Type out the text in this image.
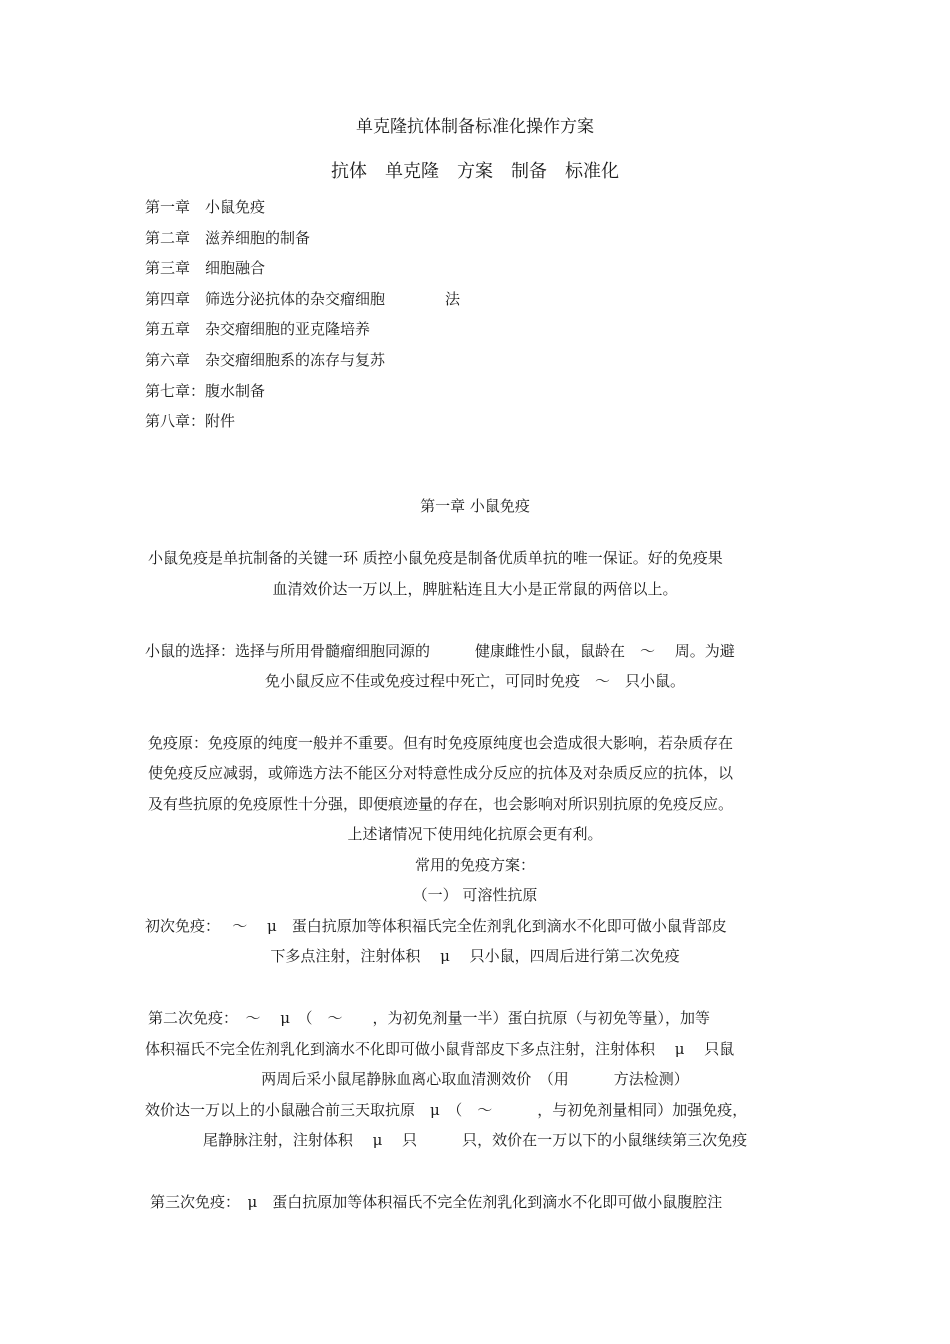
单克隆抗体制备标准化操作方案
抗体　单克隆　方案　制备　标准化
第一章　小鼠免疫
第二章　滋养细胞的制备
第三章　细胞融合
第四章　筛选分泌抗体的杂交瘤细胞　　　　法
第五章　杂交瘤细胞的亚克隆培养
第六章　杂交瘤细胞系的冻存与复苏
第七章：腹水制备
第八章：附件
第一章 小鼠免疫
小鼠免疫是单抗制备的关键一环 质控小鼠免疫是制备优质单抗的唯一保证。好的免疫果
血清效价达一万以上，脾脏粘连且大小是正常鼠的两倍以上。
小鼠的选择：选择与所用骨髓瘤细胞同源的　　　健康雌性小鼠，鼠龄在　～　 周。为避
免小鼠反应不佳或免疫过程中死亡，可同时免疫　～　只小鼠。
免疫原：免疫原的纯度一般并不重要。但有时免疫原纯度也会造成很大影响，若杂质存在
使免疫反应减弱，或筛选方法不能区分对特意性成分反应的抗体及对杂质反应的抗体，以
及有些抗原的免疫原性十分强，即便痕迹量的存在，也会影响对所识别抗原的免疫反应。
上述诸情况下使用纯化抗原会更有利。
常用的免疫方案：
（一） 可溶性抗原
初次免疫：　 ～　 μ　蛋白抗原加等体积福氏完全佐剂乳化到滴水不化即可做小鼠背部皮
下多点注射，注射体积　 μ　 只小鼠，四周后进行第二次免疫
第二次免疫：　～　 μ　（　～　　，为初免剂量一半）蛋白抗原（与初免等量），加等
体积福氏不完全佐剂乳化到滴水不化即可做小鼠背部皮下多点注射，注射体积　 μ　 只鼠
两周后采小鼠尾静脉血离心取血清测效价　（用　　　方法检测）
效价达一万以上的小鼠融合前三天取抗原　μ　（　～　　　，与初免剂量相同）加强免疫，
尾静脉注射，注射体积　 μ　 只　　　只，效价在一万以下的小鼠继续第三次免疫
第三次免疫：　μ　蛋白抗原加等体积福氏不完全佐剂乳化到滴水不化即可做小鼠腹腔注
